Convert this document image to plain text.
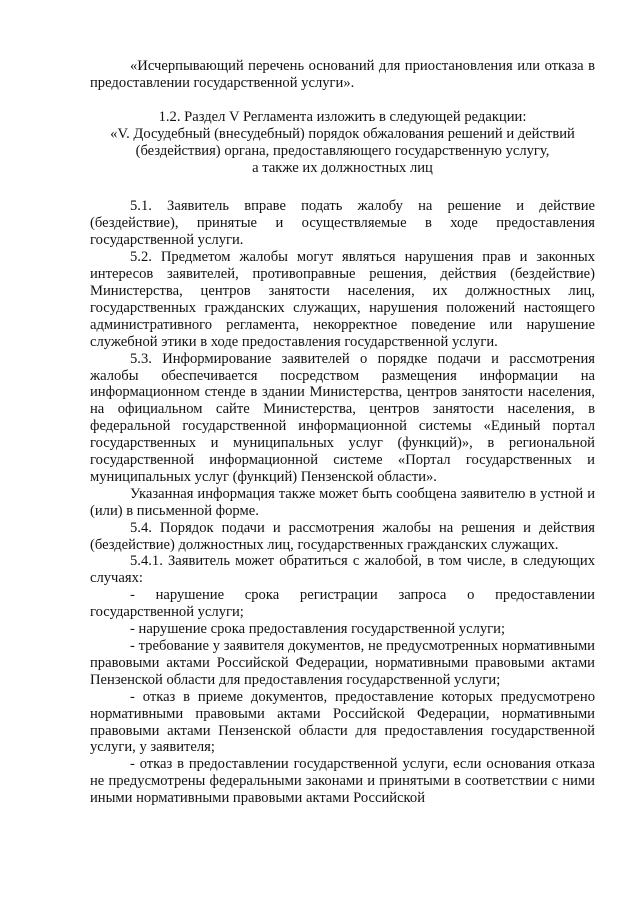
«Исчерпывающий перечень оснований для приостановления или отказа в предоставлении государственной услуги».

1.2. Раздел V Регламента изложить в следующей редакции:

«V. Досудебный (внесудебный) порядок обжалования решений и действий

(бездействия) органа, предоставляющего государственную услугу,

а также их должностных лиц

5.1. Заявитель вправе подать жалобу на решение и действие (бездействие), принятые и осуществляемые в ходе предоставления государственной услуги.

5.2. Предметом жалобы могут являться нарушения прав и законных интересов заявителей, противоправные решения, действия (бездействие) Министерства, центров занятости населения, их должностных лиц, государственных гражданских служащих, нарушения положений настоящего административного регламента, некорректное поведение или нарушение служебной этики в ходе предоставления государственной услуги.

5.3. Информирование заявителей о порядке подачи и рассмотрения жалобы обеспечивается посредством размещения информации на информационном стенде в здании Министерства, центров занятости населения, на официальном сайте Министерства, центров занятости населения, в федеральной государственной информационной системы «Единый портал государственных и муниципальных услуг (функций)», в региональной государственной информационной системе «Портал государственных и муниципальных услуг (функций) Пензенской области».

Указанная информация также может быть сообщена заявителю в устной и (или) в письменной форме.

5.4. Порядок подачи и рассмотрения жалобы на решения и действия (бездействие) должностных лиц, государственных гражданских служащих.

5.4.1. Заявитель может обратиться с жалобой, в том числе, в следующих случаях:

- нарушение срока регистрации запроса о предоставлении государственной услуги;

- нарушение срока предоставления государственной услуги;

- требование у заявителя документов, не предусмотренных нормативными правовыми актами Российской Федерации, нормативными правовыми актами Пензенской области для предоставления государственной услуги;

- отказ в приеме документов, предоставление которых предусмотрено нормативными правовыми актами Российской Федерации, нормативными правовыми актами Пензенской области для предоставления государственной услуги, у заявителя;

- отказ в предоставлении государственной услуги, если основания отказа не предусмотрены федеральными законами и принятыми в соответствии с ними иными нормативными правовыми актами Российской
